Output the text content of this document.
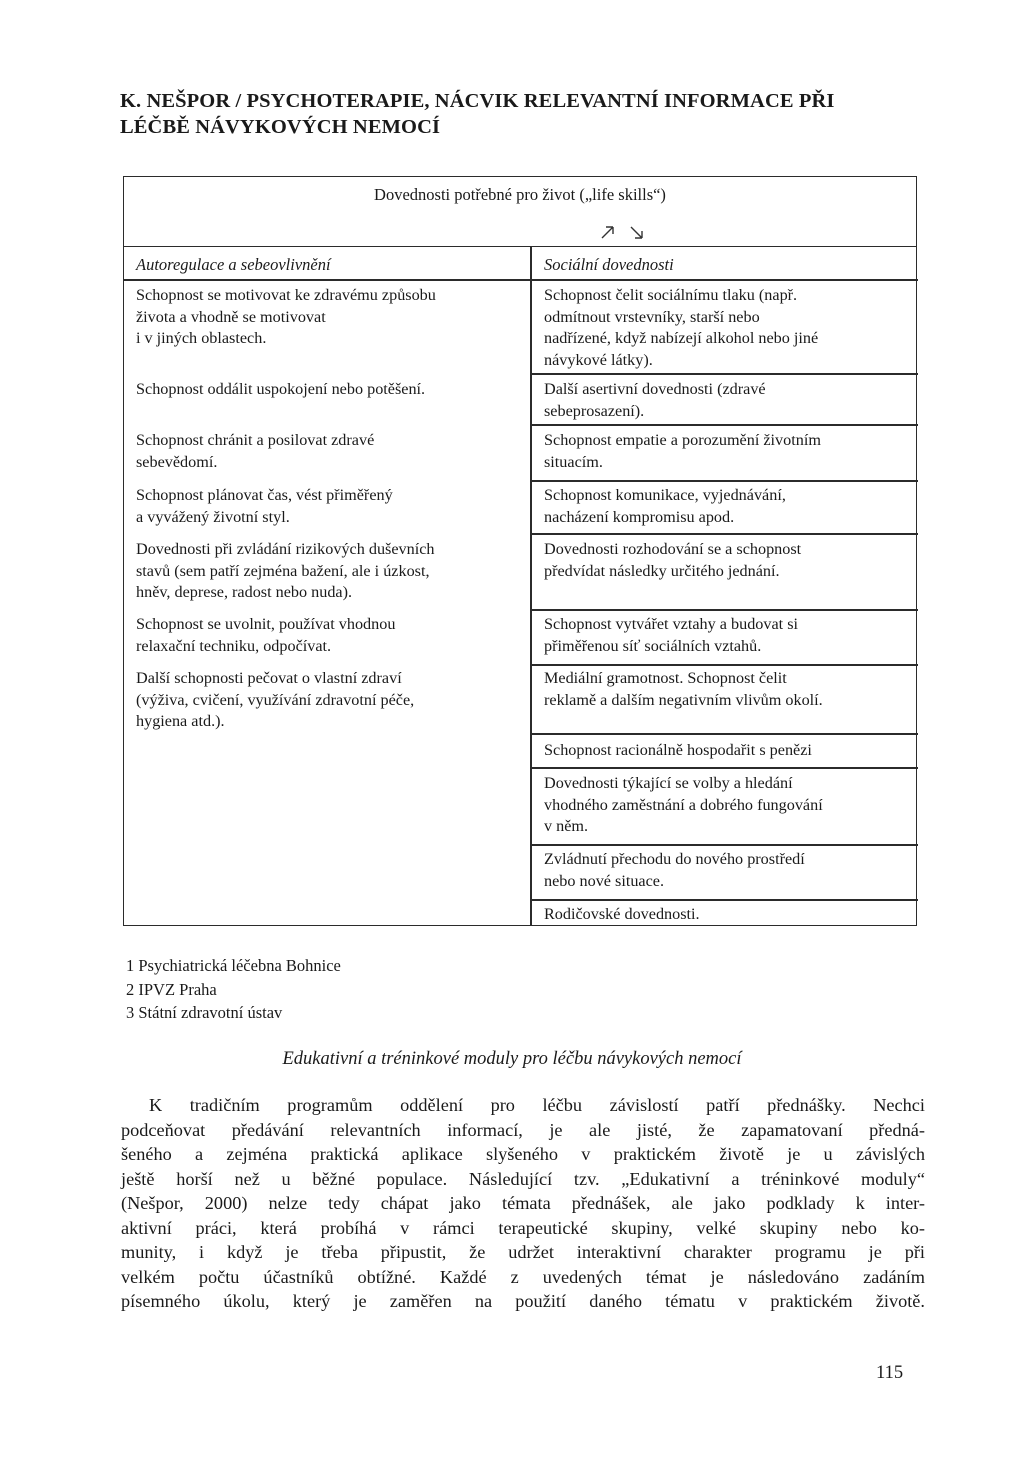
K. NEŠPOR / PSYCHOTERAPIE, NÁCVIK RELEVANTNÍ INFORMACE PŘI
LÉČBĚ NÁVYKOVÝCH NEMOCÍ
Dovednosti potřebné pro život („life skills“)
Autoregulace a sebeovlivnění	Sociální dovednosti
Schopnost se motivovat ke zdravému způsobu
života a vhodně se motivovat
i v jiných oblastech.
Schopnost oddálit uspokojení nebo potěšení.
Schopnost chránit a posilovat zdravé
sebevědomí.
Schopnost plánovat čas, vést přiměřený
a vyvážený životní styl.
Dovednosti při zvládání rizikových duševních
stavů (sem patří zejména bažení, ale i úzkost,
hněv, deprese, radost nebo nuda).
Schopnost se uvolnit, používat vhodnou
relaxační techniku, odpočívat.
Další schopnosti pečovat o vlastní zdraví
(výživa, cvičení, využívání zdravotní péče,
hygiena atd.).
Schopnost čelit sociálnímu tlaku (např.
odmítnout vrstevníky, starší nebo
nadřízené, když nabízejí alkohol nebo jiné
návykové látky).
Další asertivní dovednosti (zdravé
sebeprosazení).
Schopnost empatie a porozumění životním
situacím.
Schopnost komunikace, vyjednávání,
nacházení kompromisu apod.
Dovednosti rozhodování se a schopnost
předvídat následky určitého jednání.
Schopnost vytvářet vztahy a budovat si
přiměřenou síť sociálních vztahů.
Mediální gramotnost. Schopnost čelit
reklamě a dalším negativním vlivům okolí.
Schopnost racionálně hospodařit s penězi
Dovednosti týkající se volby a hledání
vhodného zaměstnání a dobrého fungování
v něm.
Zvládnutí přechodu do nového prostředí
nebo nové situace.
Rodičovské dovednosti.
1 Psychiatrická léčebna Bohnice
2 IPVZ Praha
3 Státní zdravotní ústav
Edukativní a tréninkové moduly pro léčbu návykových nemocí
K tradičním programům oddělení pro léčbu závislostí patří přednášky. Nechci
podceňovat předávání relevantních informací, je ale jisté, že zapamatovaní předná-
šeného a zejména praktická aplikace slyšeného v praktickém životě je u závislých
ještě horší než u běžné populace. Následující tzv. „Edukativní a tréninkové moduly“
(Nešpor, 2000) nelze tedy chápat jako témata přednášek, ale jako podklady k inter-
aktivní práci, která probíhá v rámci terapeutické skupiny, velké skupiny nebo ko-
munity, i když je třeba připustit, že udržet interaktivní charakter programu je při
velkém počtu účastníků obtížné. Každé z uvedených témat je následováno zadáním
písemného úkolu, který je zaměřen na použití daného tématu v praktickém životě.
115
